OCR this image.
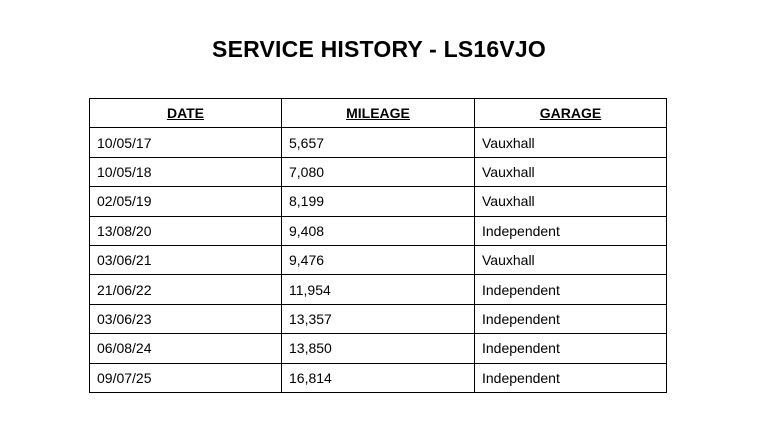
SERVICE HISTORY - LS16VJO
DATE	MILEAGE	GARAGE
10/05/17	5,657	Vauxhall
10/05/18	7,080	Vauxhall
02/05/19	8,199	Vauxhall
13/08/20	9,408	Independent
03/06/21	9,476	Vauxhall
21/06/22	11,954	Independent
03/06/23	13,357	Independent
06/08/24	13,850	Independent
09/07/25	16,814	Independent
